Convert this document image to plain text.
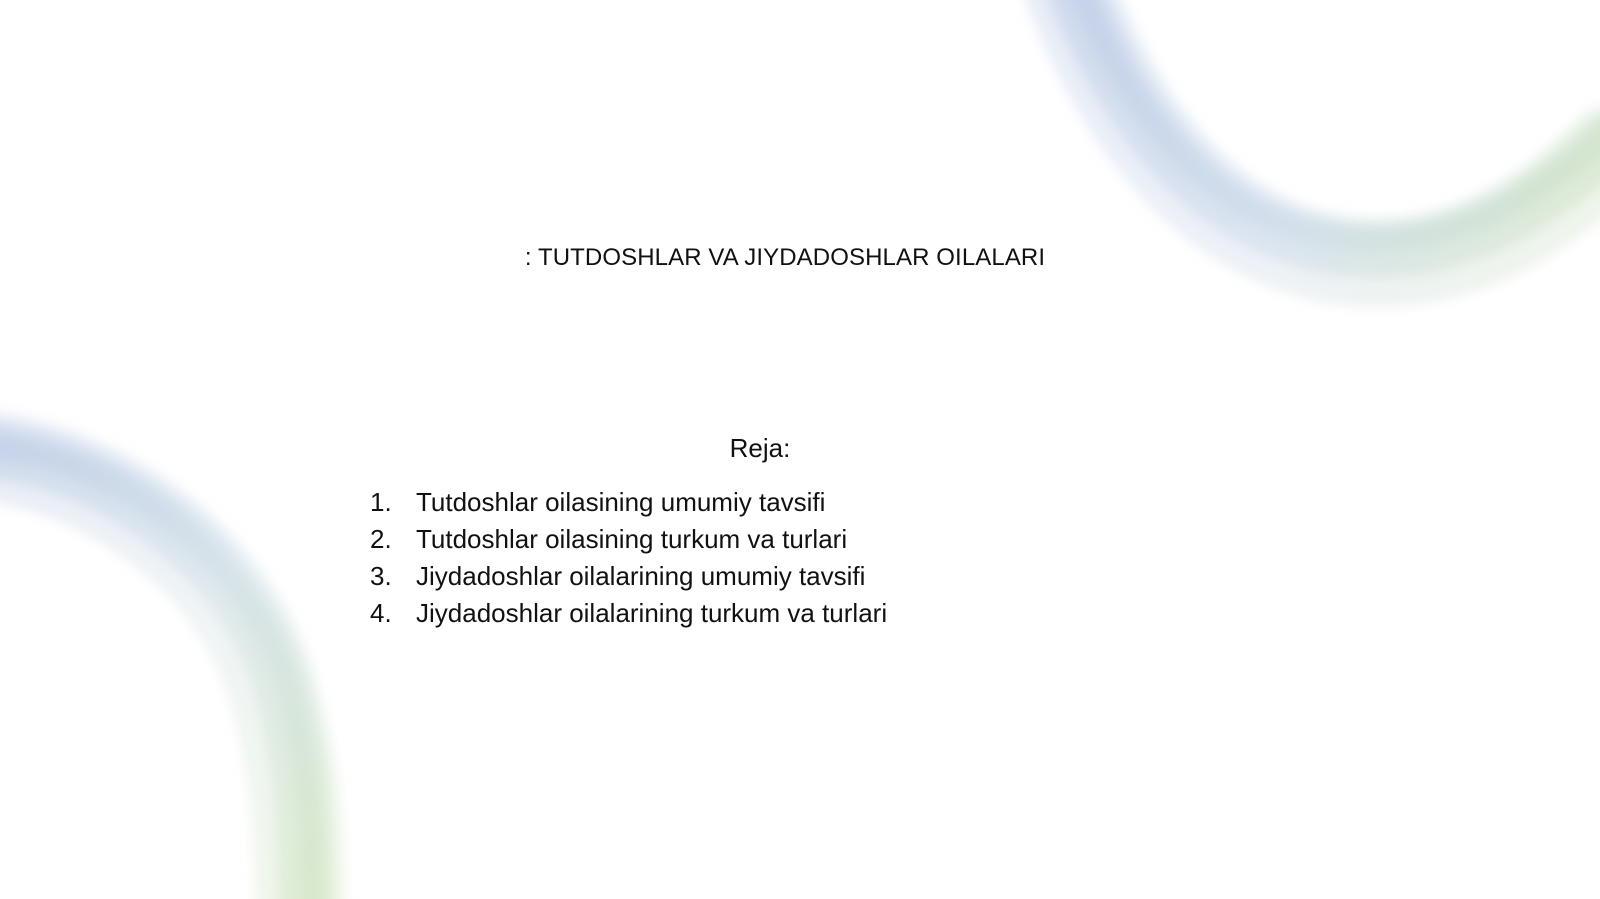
: TUTDOSHLAR VA JIYDADOSHLAR OILALARI
Reja:
1. Tutdoshlar oilasining umumiy tavsifi
2. Tutdoshlar oilasining turkum va turlari
3. Jiydadoshlar oilalarining umumiy tavsifi
4. Jiydadoshlar oilalarining turkum va turlari
